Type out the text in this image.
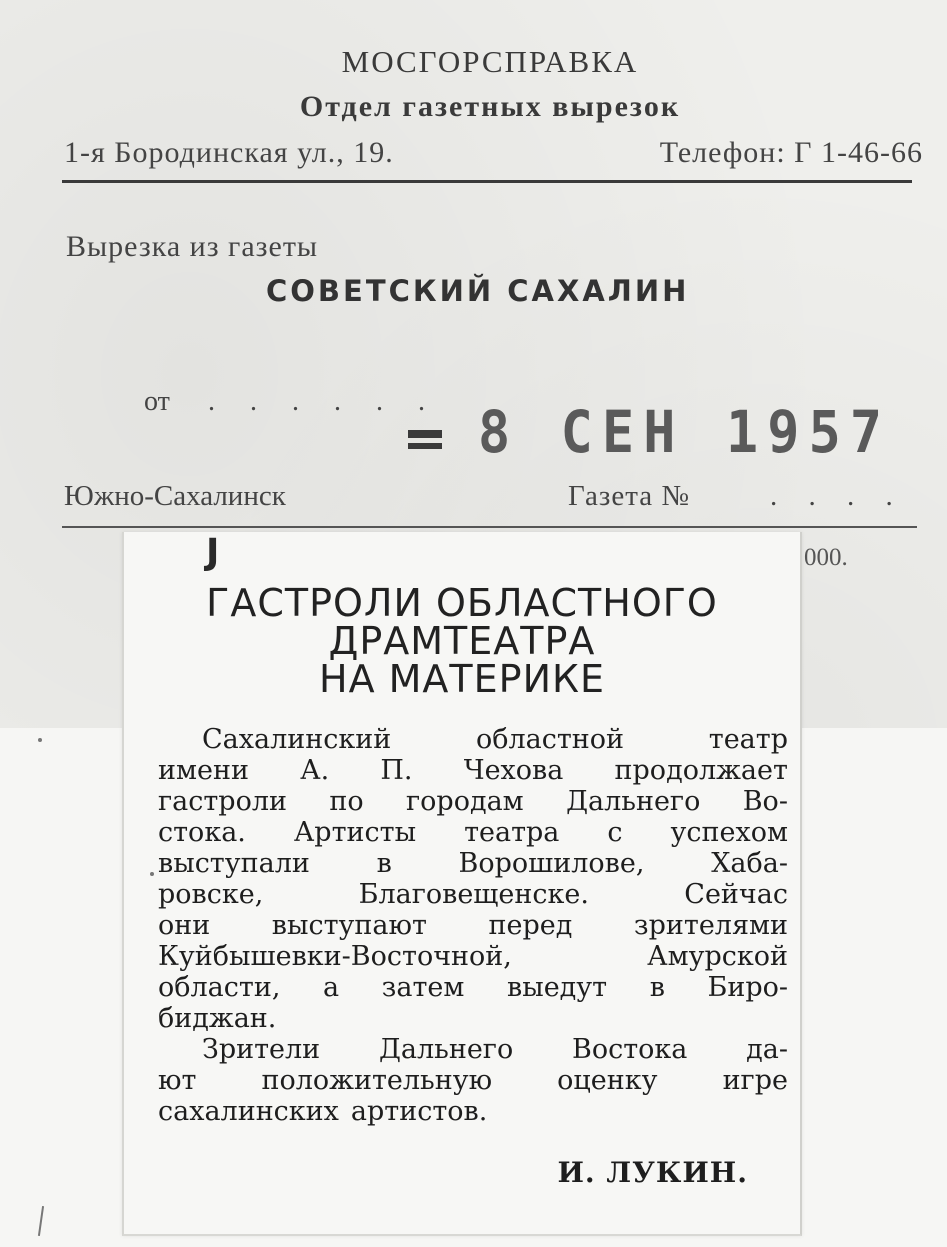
МОСГОРСПРАВКА
Отдел газетных вырезок
1-я Бородинская ул., 19.	Телефон: Г 1-46-66
Вырезка из газеты
СОВЕТСКИЙ САХАЛИН
от . . . . . . 8 СЕН 1957
Южно-Сахалинск	Газета №	. . . .
000.
J
ГАСТРОЛИ ОБЛАСТНОГО
ДРАМТЕАТРА
НА МАТЕРИКЕ
Сахалинский	областной	театр
имени А. П. Чехова продолжает
гастроли по городам Дальнего Во-
стока. Артисты театра с успехом
выступали в Ворошилове, Хаба-
ровске,	Благовещенске.	Сейчас
они выступают перед зрителями
Куйбышевки-Восточной,	Амурской
области, а затем выедут в Биро-
биджан.
Зрители Дальнего Востока да-
ют положительную оценку игре
сахалинских артистов.
И. ЛУКИН.
